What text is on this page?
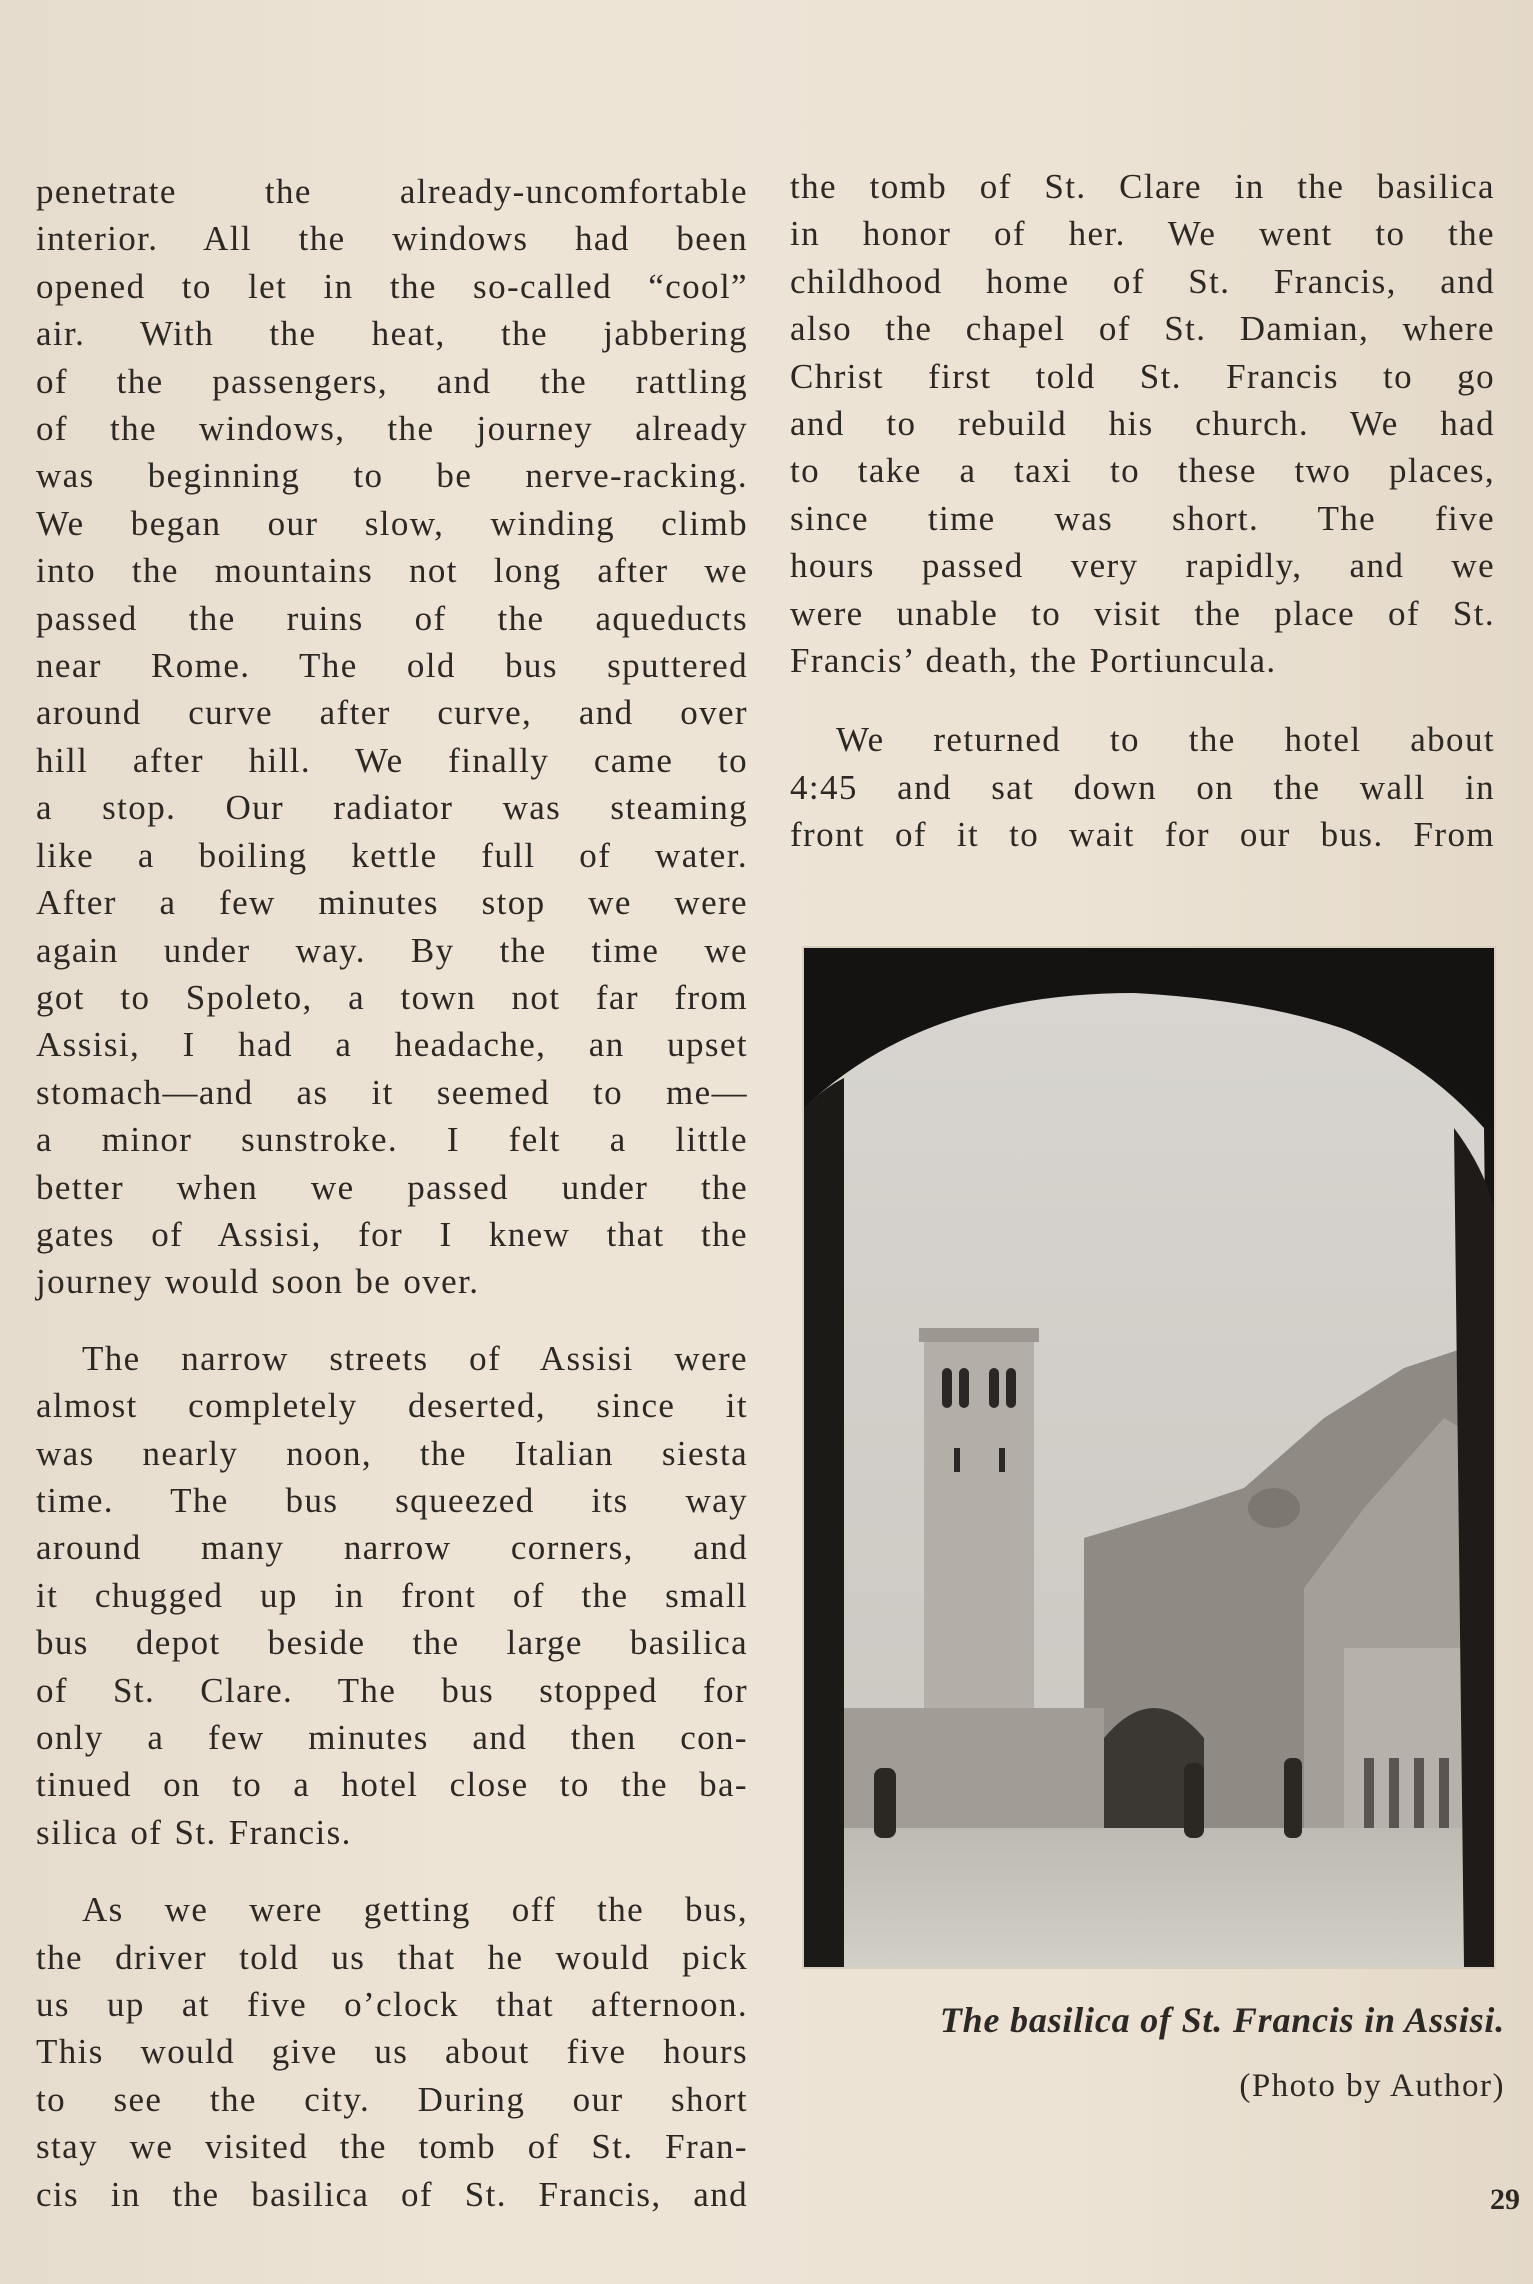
penetrate the already-uncomfortable
interior. All the windows had been
opened to let in the so-called “cool”
air. With the heat, the jabbering
of the passengers, and the rattling
of the windows, the journey already
was beginning to be nerve-racking.
We began our slow, winding climb
into the mountains not long after we
passed the ruins of the aqueducts
near Rome. The old bus sputtered
around curve after curve, and over
hill after hill. We finally came to
a stop. Our radiator was steaming
like a boiling kettle full of water.
After a few minutes stop we were
again under way. By the time we
got to Spoleto, a town not far from
Assisi, I had a headache, an upset
stomach—and as it seemed to me—
a minor sunstroke. I felt a little
better when we passed under the
gates of Assisi, for I knew that the
journey would soon be over.
The narrow streets of Assisi were
almost completely deserted, since it
was nearly noon, the Italian siesta
time. The bus squeezed its way
around many narrow corners, and
it chugged up in front of the small
bus depot beside the large basilica
of St. Clare. The bus stopped for
only a few minutes and then con-
tinued on to a hotel close to the ba-
silica of St. Francis.
As we were getting off the bus,
the driver told us that he would pick
us up at five o’clock that afternoon.
This would give us about five hours
to see the city. During our short
stay we visited the tomb of St. Fran-
cis in the basilica of St. Francis, and
the tomb of St. Clare in the basilica
in honor of her. We went to the
childhood home of St. Francis, and
also the chapel of St. Damian, where
Christ first told St. Francis to go
and to rebuild his church. We had
to take a taxi to these two places,
since time was short. The five
hours passed very rapidly, and we
were unable to visit the place of St.
Francis’ death, the Portiuncula.
We returned to the hotel about
4:45 and sat down on the wall in
front of it to wait for our bus. From
The basilica of St. Francis in Assisi.
(Photo by Author)
29
